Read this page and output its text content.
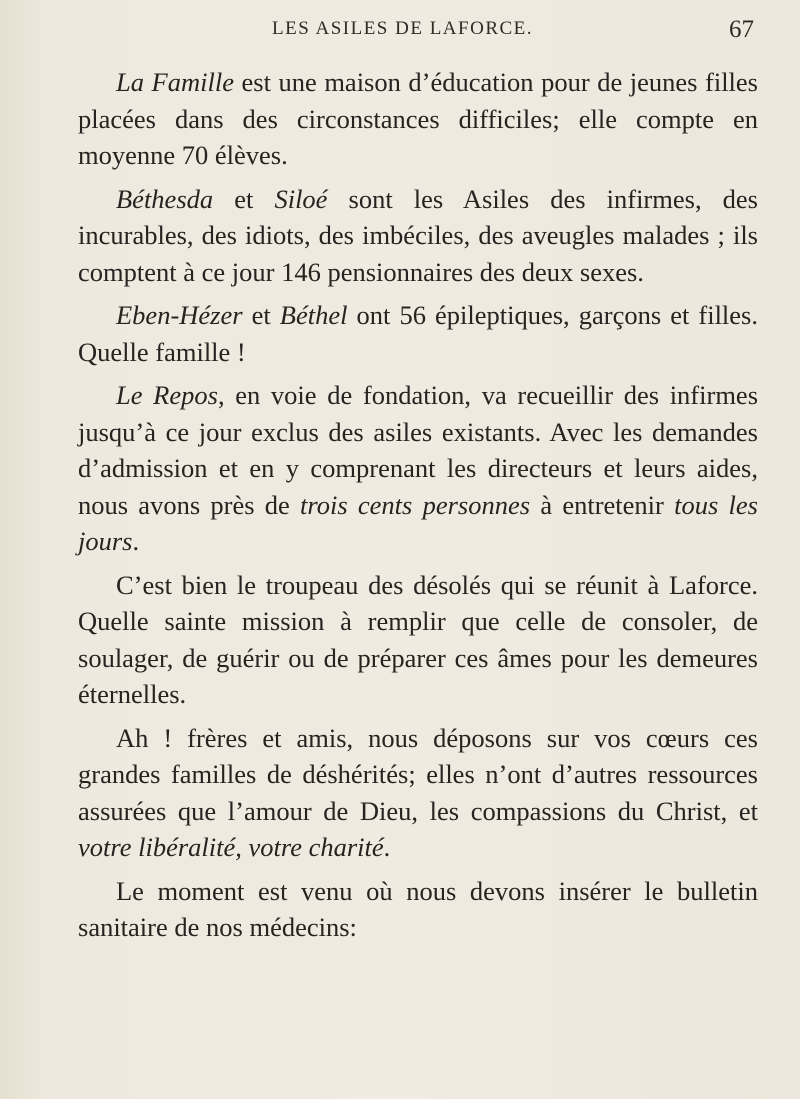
LES ASILES DE LAFORCE.	67

La Famille est une maison d’éducation pour de jeunes filles placées dans des circonstances difficiles; elle compte en moyenne 70 élèves.

Béthesda et Siloé sont les Asiles des infirmes, des incurables, des idiots, des imbéciles, des aveugles malades ; ils comptent à ce jour 146 pensionnaires des deux sexes.

Eben-Hézer et Béthel ont 56 épileptiques, garçons et filles. Quelle famille !

Le Repos, en voie de fondation, va recueillir des infirmes jusqu’à ce jour exclus des asiles existants. Avec les demandes d’admission et en y comprenant les directeurs et leurs aides, nous avons près de trois cents personnes à entretenir tous les jours.

C’est bien le troupeau des désolés qui se réunit à Laforce. Quelle sainte mission à remplir que celle de consoler, de soulager, de guérir ou de préparer ces âmes pour les demeures éternelles.

Ah ! frères et amis, nous déposons sur vos cœurs ces grandes familles de déshérités; elles n’ont d’autres ressources assurées que l’amour de Dieu, les compassions du Christ, et votre libéralité, votre charité.

Le moment est venu où nous devons insérer le bulletin sanitaire de nos médecins:
